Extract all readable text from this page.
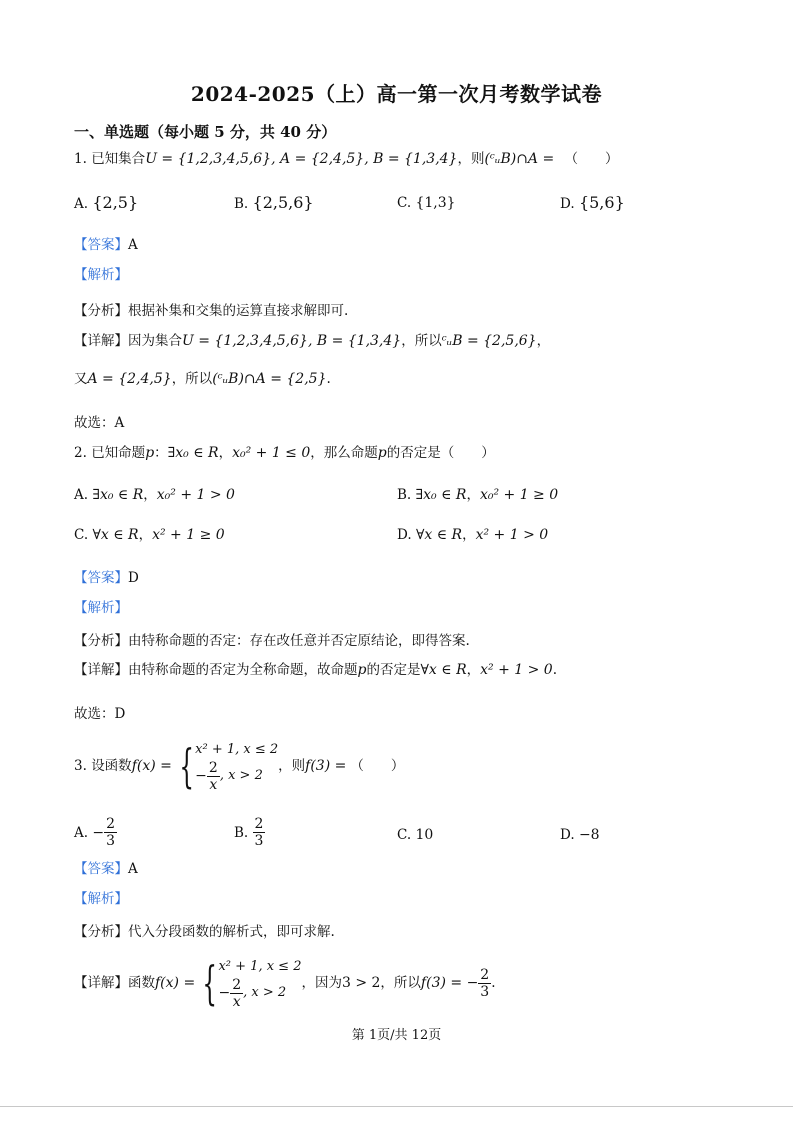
2024-2025（上）高一第一次月考数学试卷
一、单选题（每小题 5 分，共 40 分）
1. 已知集合U = {1,2,3,4,5,6}, A = {2,4,5}, B = {1,3,4}，则(ᶜᵤB)∩A = （　　）
A. {2,5}	B. {2,5,6}	C. {1,3}	D. {5,6}
【答案】A
【解析】
【分析】根据补集和交集的运算直接求解即可.
【详解】因为集合U = {1,2,3,4,5,6}, B = {1,3,4}，所以ᶜᵤB = {2,5,6}，
又A = {2,4,5}，所以(ᶜᵤB)∩A = {2,5}.
故选：A
2. 已知命题p：∃x₀ ∈ R，x₀² + 1 ≤ 0，那么命题p的否定是（　　）
A. ∃x₀ ∈ R，x₀² + 1 > 0	B. ∃x₀ ∈ R，x₀² + 1 ≥ 0
C. ∀x ∈ R，x² + 1 ≥ 0	D. ∀x ∈ R，x² + 1 > 0
【答案】D
【解析】
【分析】由特称命题的否定：存在改任意并否定原结论，即得答案.
【详解】由特称命题的否定为全称命题，故命题p的否定是∀x ∈ R，x² + 1 > 0.
故选：D
3.
设函数 f(x) = { x² + 1, x ≤ 2
− $\frac{2}{x}$ , x > 2
，则 f(3) = （　　）
A.
− $\frac{2}{3}$	B.
$\frac{2}{3}$	C. 10	D. −8
【答案】A
【解析】
【分析】代入分段函数的解析式，即可求解.
【详解】 函数 f(x) = { x² + 1, x ≤ 2
− $\frac{2}{x}$ , x > 2
，因为 3 > 2 ，所以 f(3) = − $\frac{2}{3}$ .
第 1页/共 12页
